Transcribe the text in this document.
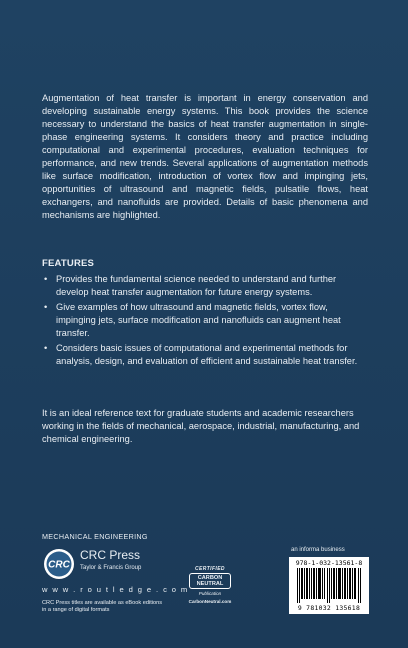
Augmentation of heat transfer is important in energy conservation and developing sustainable energy systems. This book provides the science necessary to understand the basics of heat transfer augmentation in single-phase engineering systems. It considers theory and practice including computational and experimental procedures, evaluation techniques for performance, and new trends. Several applications of augmentation methods like surface modification, introduction of vortex flow and impinging jets, opportunities of ultrasound and magnetic fields, pulsatile flows, heat exchangers, and nanofluids are provided. Details of basic phenomena and mechanisms are highlighted.

FEATURES

• Provides the fundamental science needed to understand and further develop heat transfer augmentation for future energy systems.
• Give examples of how ultrasound and magnetic fields, vortex flow, impinging jets, surface modification and nanofluids can augment heat transfer.
• Considers basic issues of computational and experimental methods for analysis, design, and evaluation of efficient and sustainable heat transfer.

It is an ideal reference text for graduate students and academic researchers working in the fields of mechanical, aerospace, industrial, manufacturing, and chemical engineering.

MECHANICAL ENGINEERING

CRC

CRC Press

Taylor & Francis Group

w w w . r o u t l e d g e . c o m

CRC Press titles are available as eBook editions in a range of digital formats

CERTIFIED

CARBON
NEUTRAL

Publication

CarbonNeutral.com

an informa business

978-1-032-13561-8

9 781032 135618
